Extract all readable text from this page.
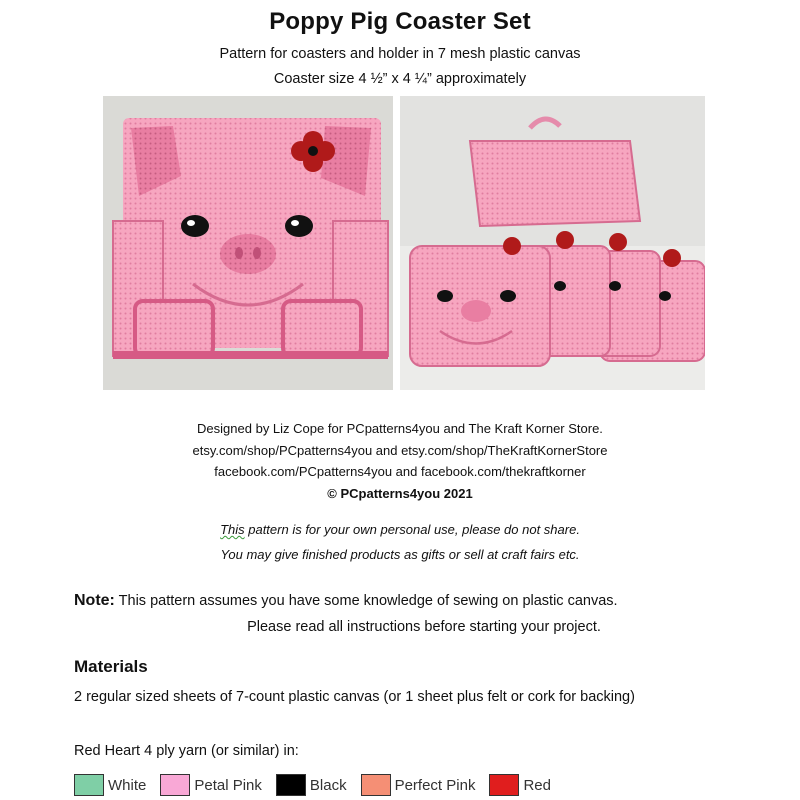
Poppy Pig Coaster Set
Pattern for coasters and holder in 7 mesh plastic canvas
Coaster size 4 ½” x 4 ¼” approximately
Designed by Liz Cope for PCpatterns4you and The Kraft Korner Store.
etsy.com/shop/PCpatterns4you and etsy.com/shop/TheKraftKornerStore
facebook.com/PCpatterns4you and facebook.com/thekraftkorner
© PCpatterns4you 2021
This pattern is for your own personal use, please do not share.
You may give finished products as gifts or sell at craft fairs etc.
Note: This pattern assumes you have some knowledge of sewing on plastic canvas.
Please read all instructions before starting your project.
Materials
2 regular sized sheets of 7-count plastic canvas (or 1 sheet plus felt or cork for backing)
Red Heart 4 ply yarn (or similar) in:
White	Petal Pink	Black	Perfect Pink	Red
